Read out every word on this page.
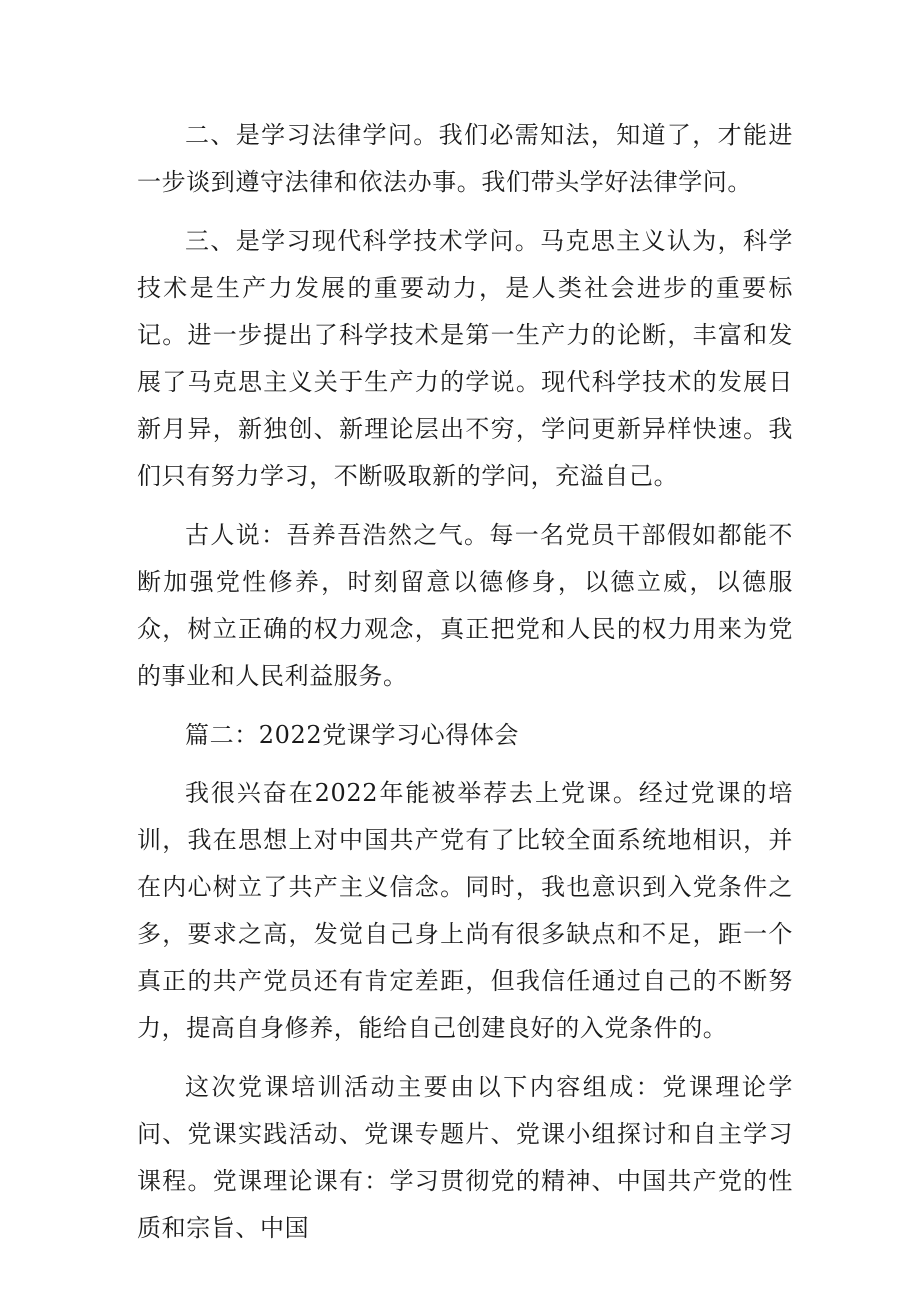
二、是学习法律学问。我们必需知法，知道了，才能进一步谈到遵守法律和依法办事。我们带头学好法律学问。

三、是学习现代科学技术学问。马克思主义认为，科学技术是生产力发展的重要动力，是人类社会进步的重要标记。进一步提出了科学技术是第一生产力的论断，丰富和发展了马克思主义关于生产力的学说。现代科学技术的发展日新月异，新独创、新理论层出不穷，学问更新异样快速。我们只有努力学习，不断吸取新的学问，充溢自己。

古人说：吾养吾浩然之气。每一名党员干部假如都能不断加强党性修养，时刻留意以德修身，以德立威，以德服众，树立正确的权力观念，真正把党和人民的权力用来为党的事业和人民利益服务。

篇二：2022党课学习心得体会

我很兴奋在2022年能被举荐去上党课。经过党课的培训，我在思想上对中国共产党有了比较全面系统地相识，并在内心树立了共产主义信念。同时，我也意识到入党条件之多，要求之高，发觉自己身上尚有很多缺点和不足，距一个真正的共产党员还有肯定差距，但我信任通过自己的不断努力，提高自身修养，能给自己创建良好的入党条件的。

这次党课培训活动主要由以下内容组成：党课理论学问、党课实践活动、党课专题片、党课小组探讨和自主学习课程。党课理论课有：学习贯彻党的精神、中国共产党的性质和宗旨、中国
